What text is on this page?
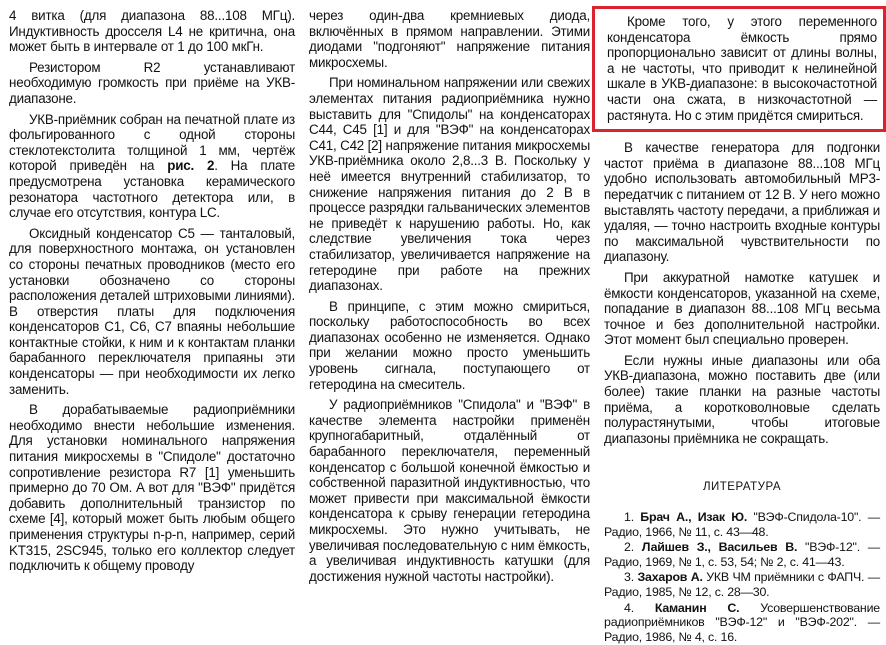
4 витка (для диапазона 88...108 МГц). Индуктивность дросселя L4 не критична, она может быть в интервале от 1 до 100 мкГн.

Резистором R2 устанавливают необходимую громкость при приёме на УКВ-диапазоне.

УКВ-приёмник собран на печатной плате из фольгированного с одной стороны стеклотекстолита толщиной 1 мм, чертёж которой приведён на рис. 2. На плате предусмотрена установка керамического резонатора частотного детектора или, в случае его отсутствия, контура LC.

Оксидный конденсатор C5 — танталовый, для поверхностного монтажа, он установлен со стороны печатных проводников (место его установки обозначено со стороны расположения деталей штриховыми линиями). В отверстия платы для подключения конденсаторов C1, C6, C7 впаяны небольшие контактные стойки, к ним и к контактам планки барабанного переключателя припаяны эти конденсаторы — при необходимости их легко заменить.

В дорабатываемые радиоприёмники необходимо внести небольшие изменения. Для установки номинального напряжения питания микросхемы в "Спидоле" достаточно сопротивление резистора R7 [1] уменьшить примерно до 70 Ом. А вот для "ВЭФ" придётся добавить дополнительный транзистор по схеме [4], который может быть любым общего применения структуры n-p-n, например, серий KT315, 2SC945, только его коллектор следует подключить к общему проводу

через один-два кремниевых диода, включённых в прямом направлении. Этими диодами "подгоняют" напряжение питания микросхемы.

При номинальном напряжении или свежих элементах питания радиоприёмника нужно выставить для "Спидолы" на конденсаторах C44, C45 [1] и для "ВЭФ" на конденсаторах C41, C42 [2] напряжение питания микросхемы УКВ-приёмника около 2,8...3 В. Поскольку у неё имеется внутренний стабилизатор, то снижение напряжения питания до 2 В в процессе разрядки гальванических элементов не приведёт к нарушению работы. Но, как следствие увеличения тока через стабилизатор, увеличивается напряжение на гетеродине при работе на прежних диапазонах.

В принципе, с этим можно смириться, поскольку работоспособность во всех диапазонах особенно не изменяется. Однако при желании можно просто уменьшить уровень сигнала, поступающего от гетеродина на смеситель.

У радиоприёмников "Спидола" и "ВЭФ" в качестве элемента настройки применён крупногабаритный, отдалённый от барабанного переключателя, переменный конденсатор с большой конечной ёмкостью и собственной паразитной индуктивностью, что может привести при максимальной ёмкости конденсатора к срыву генерации гетеродина микросхемы. Это нужно учитывать, не увеличивая последовательную с ним ёмкость, а увеличивая индуктивность катушки (для достижения нужной частоты настройки).

Кроме того, у этого переменного конденсатора ёмкость прямо пропорционально зависит от длины волны, а не частоты, что приводит к нелинейной шкале в УКВ-диапазоне: в высокочастотной части она сжата, в низкочастотной — растянута. Но с этим придётся смириться.

В качестве генератора для подгонки частот приёма в диапазоне 88...108 МГц удобно использовать автомобильный MP3-передатчик с питанием от 12 В. У него можно выставлять частоту передачи, а приближая и удаляя, — точно настроить входные контуры по максимальной чувствительности по диапазону.

При аккуратной намотке катушек и ёмкости конденсаторов, указанной на схеме, попадание в диапазон 88...108 МГц весьма точное и без дополнительной настройки. Этот момент был специально проверен.

Если нужны иные диапазоны или оба УКВ-диапазона, можно поставить две (или более) такие планки на разные частоты приёма, а коротковолновые сделать полурастянутыми, чтобы итоговые диапазоны приёмника не сокращать.

ЛИТЕРАТУРА

1. Брач А., Изак Ю. "ВЭФ-Спидола-10". — Радио, 1966, № 11, с. 43—48.

2. Лайшев З., Васильев В. "ВЭФ-12". — Радио, 1969, № 1, с. 53, 54; № 2, с. 41—43.

3. Захаров А. УКВ ЧМ приёмники с ФАПЧ. — Радио, 1985, № 12, с. 28—30.

4. Каманин С. Усовершенствование радиоприёмников "ВЭФ-12" и "ВЭФ-202". — Радио, 1986, № 4, с. 16.
